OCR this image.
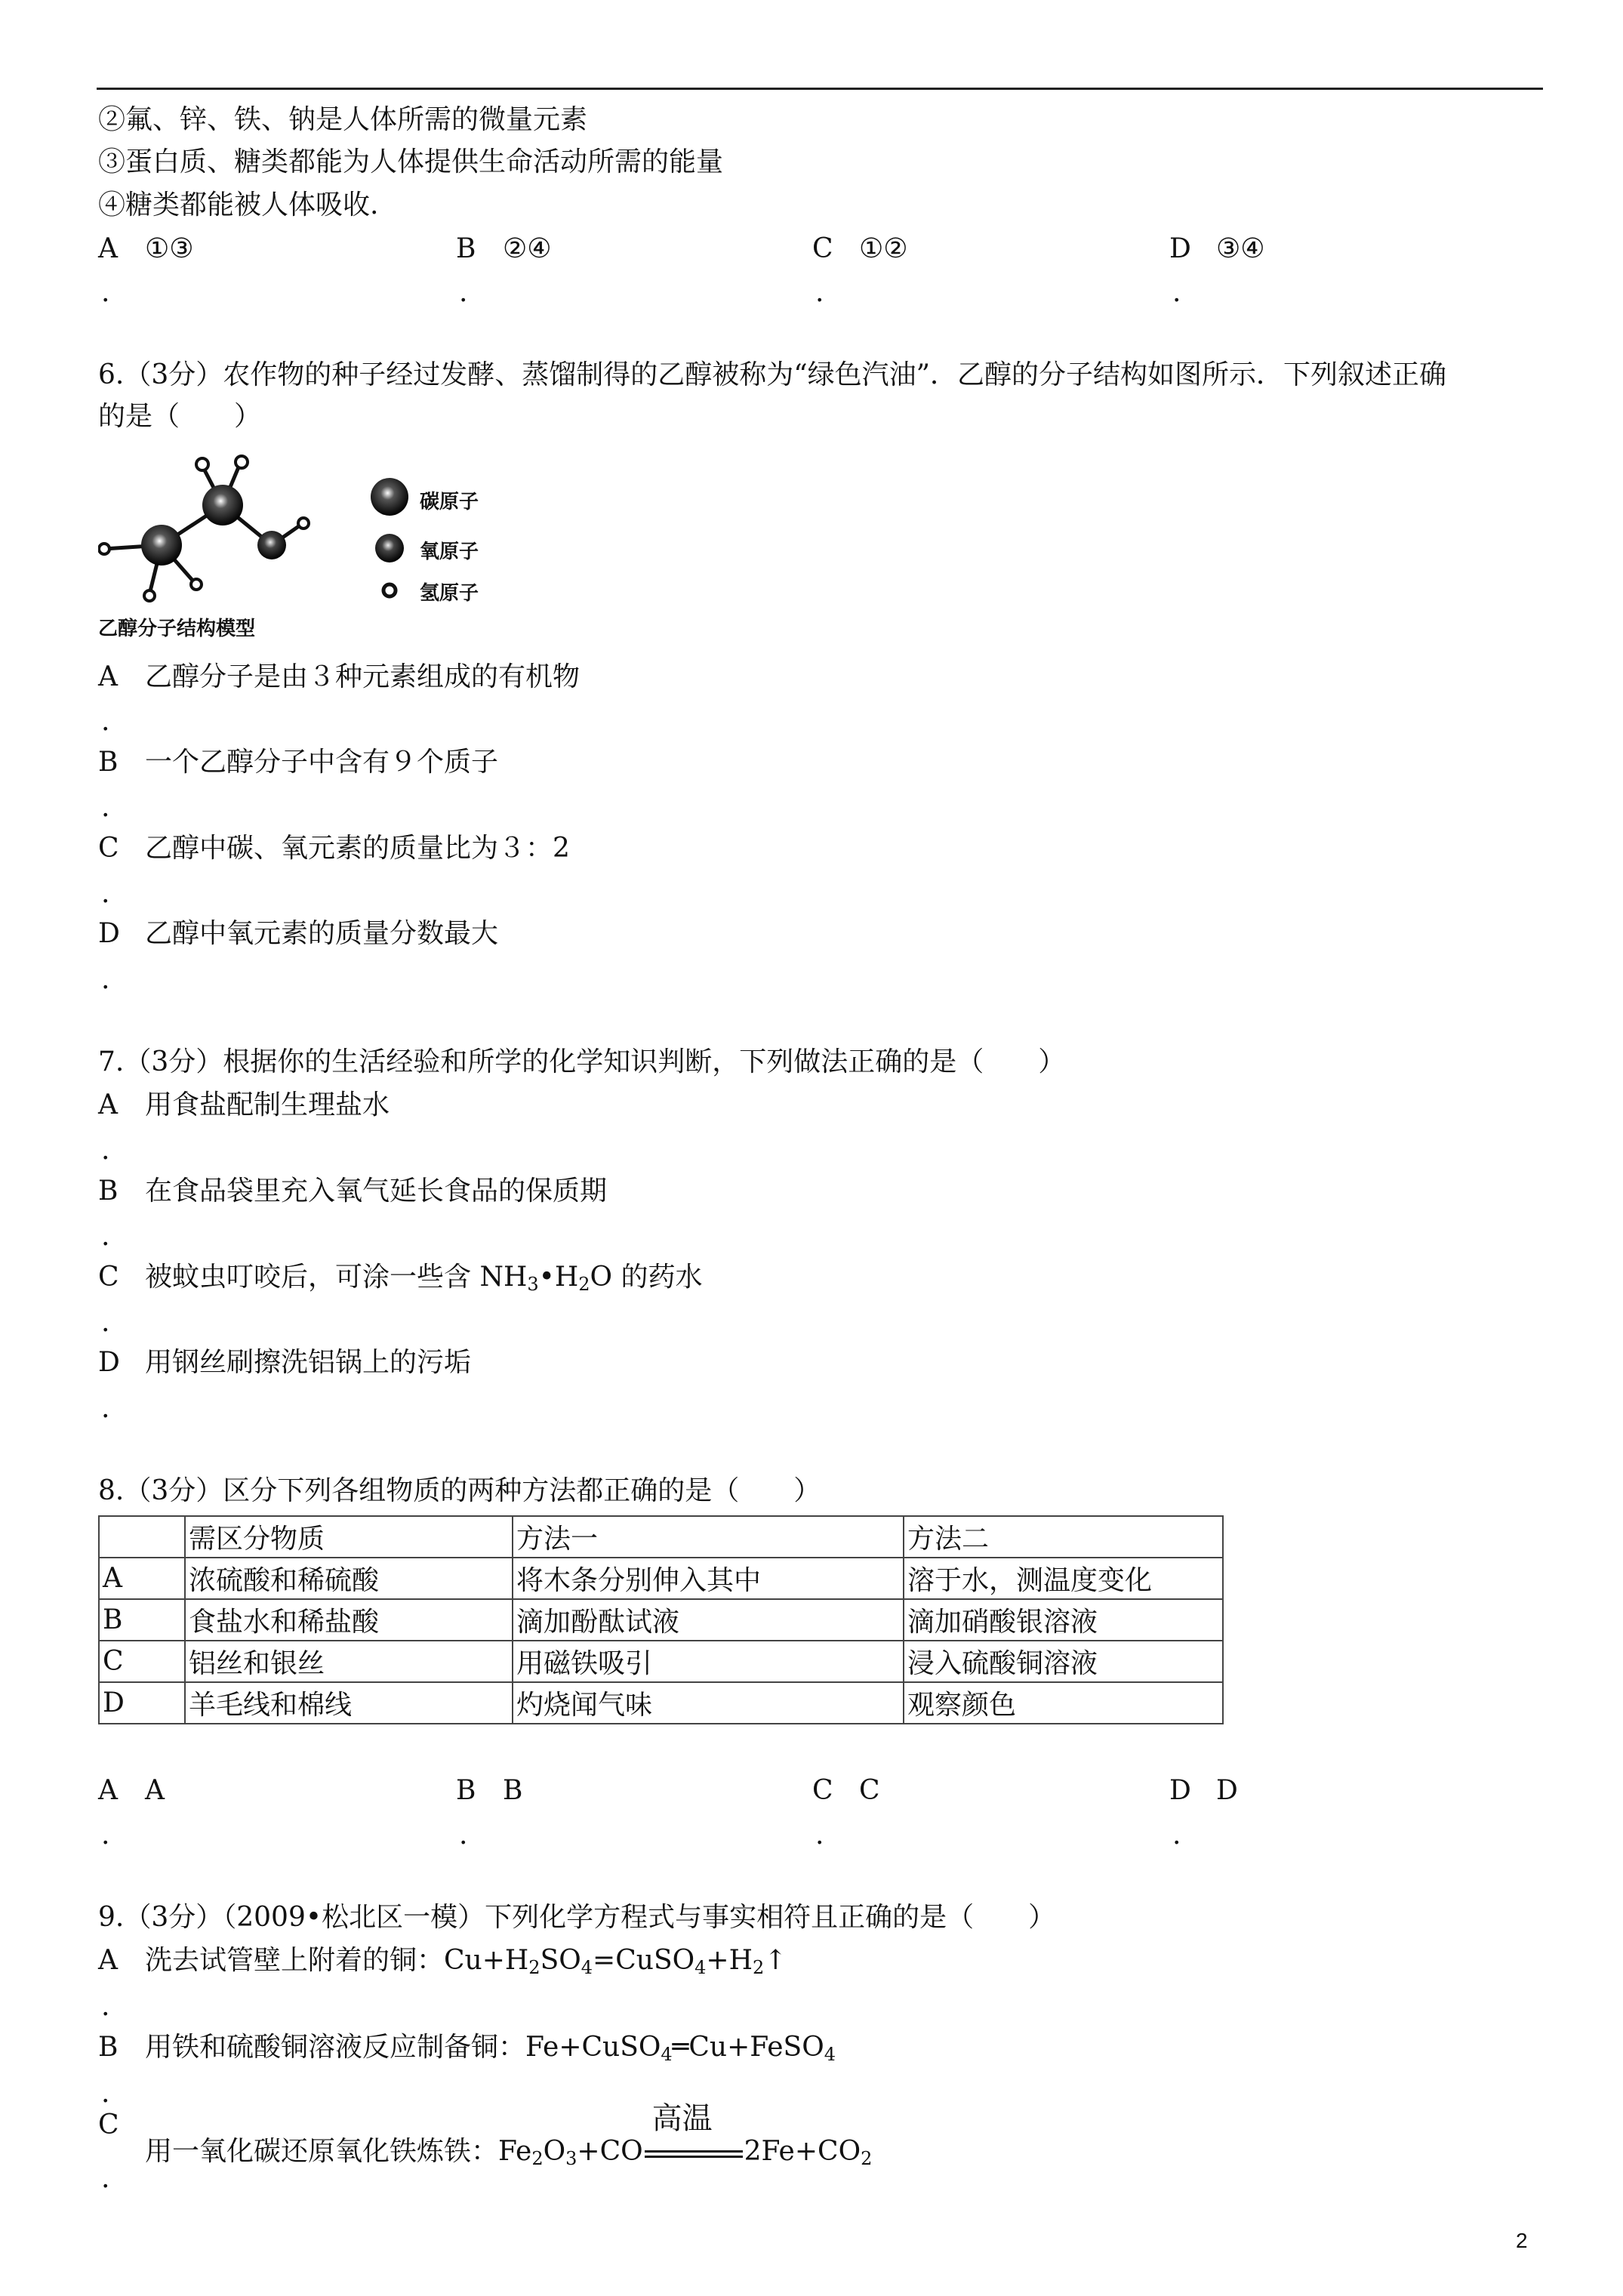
②氟、锌、铁、钠是人体所需的微量元素
③蛋白质、糖类都能为人体提供生命活动所需的能量
④糖类都能被人体吸收.
A ①③	B ②④	C ①②	D ③④
.	.	.	.
6.（3分）农作物的种子经过发酵、蒸馏制得的乙醇被称为“绿色汽油”．乙醇的分子结构如图所示．下列叙述正确
的是（　　）
碳原子
氧原子
氢原子
乙醇分子结构模型
A 乙醇分子是由３种元素组成的有机物
.
B 一个乙醇分子中含有９个质子
.
C 乙醇中碳、氧元素的质量比为３：2
.
D 乙醇中氧元素的质量分数最大
.
7.（3分）根据你的生活经验和所学的化学知识判断，下列做法正确的是（　　）
A 用食盐配制生理盐水
.
B 在食品袋里充入氧气延长食品的保质期
.
C 被蚊虫叮咬后，可涂一些含 $NH_3•H_2O$ 的药水
.
D 用钢丝刷擦洗铝锅上的污垢
.
8.（3分）区分下列各组物质的两种方法都正确的是（　　）
	需区分物质	方法一	方法二
A	浓硫酸和稀硫酸	将木条分别伸入其中	溶于水，测温度变化
B	食盐水和稀盐酸	滴加酚酞试液	滴加硝酸银溶液
C	铝丝和银丝	用磁铁吸引	浸入硫酸铜溶液
D	羊毛线和棉线	灼烧闻气味	观察颜色
A A	B B	C C	D D
.	.	.	.
9.（3分）（2009•松北区一模）下列化学方程式与事实相符且正确的是（　　）
A 洗去试管壁上附着的铜：$Cu+H_2SO_4=CuSO_4+H_2↑$
.
B 用铁和硫酸铜溶液反应制备铜：Fe+CuSO$_4$═Cu+FeSO$_4$
.
C
.
用一氧化碳还原氧化铁炼铁：$Fe_2O_3+CO$
高温
$2Fe+CO_2$
2
